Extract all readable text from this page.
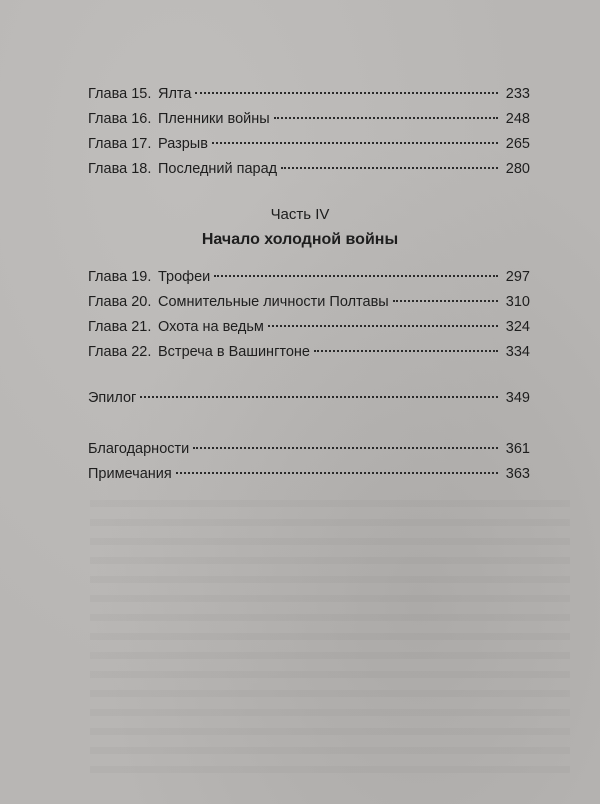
Глава 15. Ялта	233
Глава 16. Пленники войны	248
Глава 17. Разрыв	265
Глава 18. Последний парад	280
Часть IV
Начало холодной войны
Глава 19. Трофеи	297
Глава 20. Сомнительные личности Полтавы	310
Глава 21. Охота на ведьм	324
Глава 22. Встреча в Вашингтоне	334
Эпилог	349
Благодарности	361
Примечания	363
